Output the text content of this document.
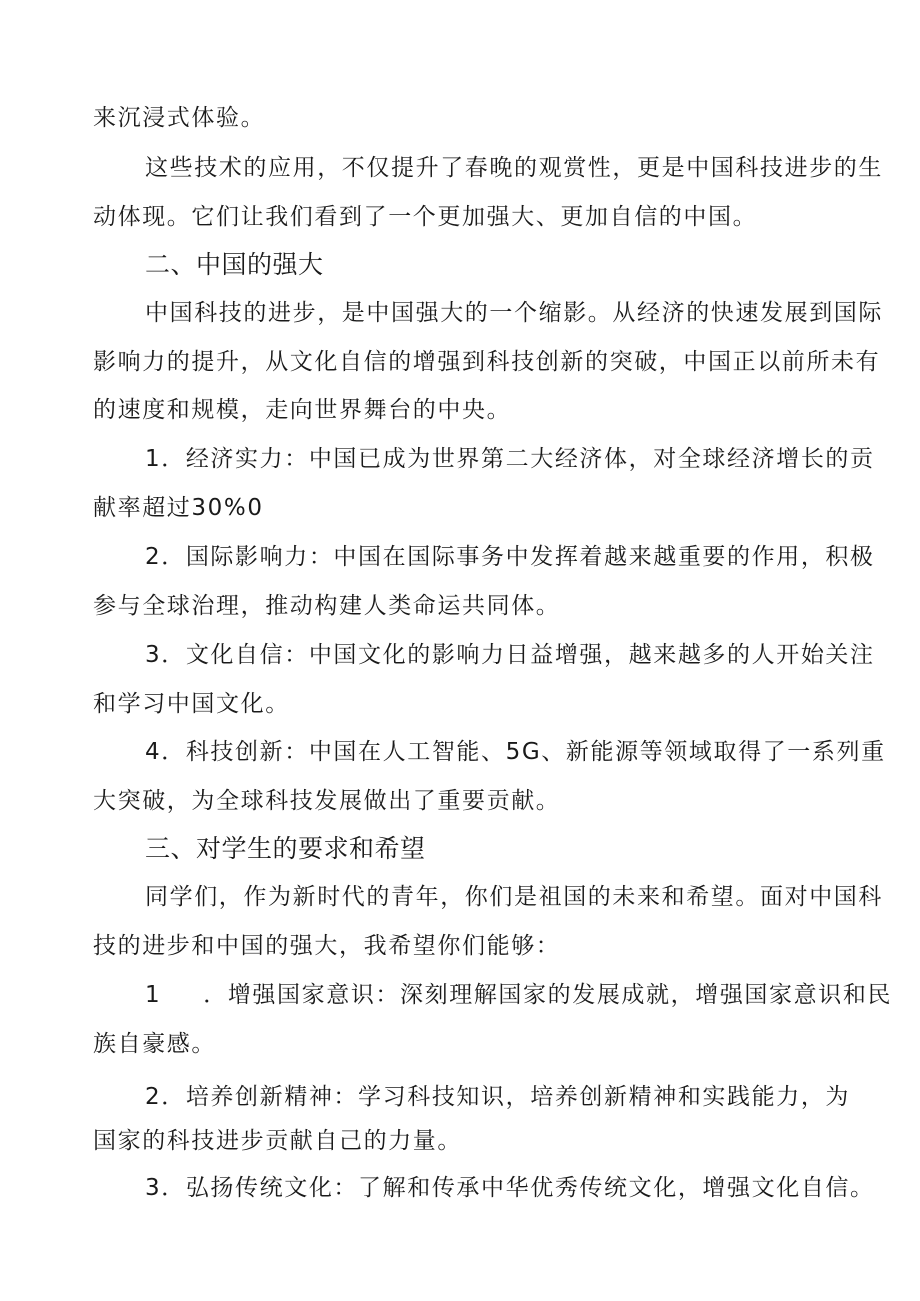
来沉浸式体验。
这些技术的应用，不仅提升了春晚的观赏性，更是中国科技进步的生
动体现。它们让我们看到了一个更加强大、更加自信的中国。
二、中国的强大
中国科技的进步，是中国强大的一个缩影。从经济的快速发展到国际
影响力的提升，从文化自信的增强到科技创新的突破，中国正以前所未有
的速度和规模，走向世界舞台的中央。
1．经济实力：中国已成为世界第二大经济体，对全球经济增长的贡
献率超过30%0
2．国际影响力：中国在国际事务中发挥着越来越重要的作用，积极
参与全球治理，推动构建人类命运共同体。
3．文化自信：中国文化的影响力日益增强，越来越多的人开始关注
和学习中国文化。
4．科技创新：中国在人工智能、5G、新能源等领域取得了一系列重
大突破，为全球科技发展做出了重要贡献。
三、对学生的要求和希望
同学们，作为新时代的青年，你们是祖国的未来和希望。面对中国科
技的进步和中国的强大，我希望你们能够：
1 ．增强国家意识：深刻理解国家的发展成就，增强国家意识和民
族自豪感。
2．培养创新精神：学习科技知识，培养创新精神和实践能力，为
国家的科技进步贡献自己的力量。
3．弘扬传统文化：了解和传承中华优秀传统文化，增强文化自信。
